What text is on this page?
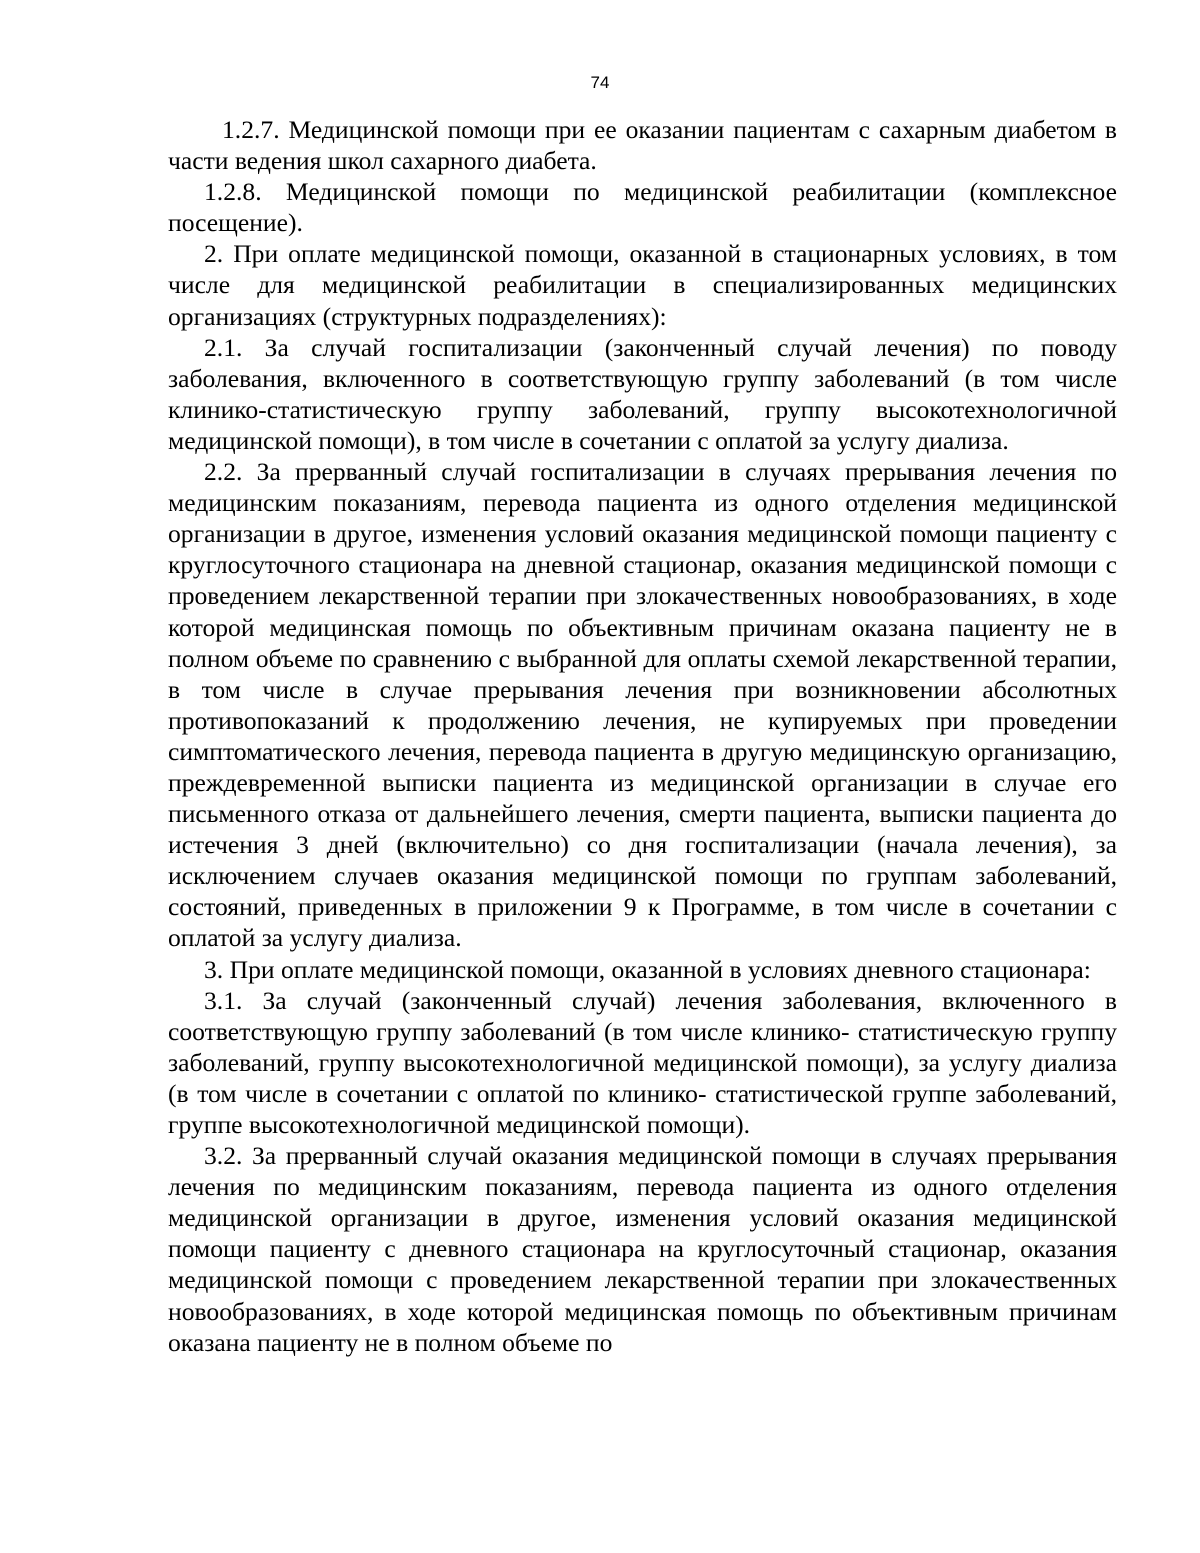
74

1.2.7. Медицинской помощи при ее оказании пациентам с сахарным диабетом в части ведения школ сахарного диабета.

1.2.8. Медицинской помощи по медицинской реабилитации (комплексное посещение).

2. При оплате медицинской помощи, оказанной в стационарных условиях, в том числе для медицинской реабилитации в специализированных медицинских организациях (структурных подразделениях):

2.1. За случай госпитализации (законченный случай лечения) по поводу заболевания, включенного в соответствующую группу заболеваний (в том числе клинико-статистическую группу заболеваний, группу высокотехнологичной медицинской помощи), в том числе в сочетании с оплатой за услугу диализа.

2.2. За прерванный случай госпитализации в случаях прерывания лечения по медицинским показаниям, перевода пациента из одного отделения медицинской организации в другое, изменения условий оказания медицинской помощи пациенту с круглосуточного стационара на дневной стационар, оказания медицинской помощи с проведением лекарственной терапии при злокачественных новообразованиях, в ходе которой медицинская помощь по объективным причинам оказана пациенту не в полном объеме по сравнению с выбранной для оплаты схемой лекарственной терапии, в том числе в случае прерывания лечения при возникновении абсолютных противопоказаний к продолжению лечения, не купируемых при проведении симптоматического лечения, перевода пациента в другую медицинскую организацию, преждевременной выписки пациента из медицинской организации в случае его письменного отказа от дальнейшего лечения, смерти пациента, выписки пациента до истечения 3 дней (включительно) со дня госпитализации (начала лечения), за исключением случаев оказания медицинской помощи по группам заболеваний, состояний, приведенных в приложении 9 к Программе, в том числе в сочетании с оплатой за услугу диализа.

3. При оплате медицинской помощи, оказанной в условиях дневного стационара:

3.1. За случай (законченный случай) лечения заболевания, включенного в соответствующую группу заболеваний (в том числе клинико- статистическую группу заболеваний, группу высокотехнологичной медицинской помощи), за услугу диализа (в том числе в сочетании с оплатой по клинико- статистической группе заболеваний, группе высокотехнологичной медицинской помощи).

3.2. За прерванный случай оказания медицинской помощи в случаях прерывания лечения по медицинским показаниям, перевода пациента из одного отделения медицинской организации в другое, изменения условий оказания медицинской помощи пациенту с дневного стационара на круглосуточный стационар, оказания медицинской помощи с проведением лекарственной терапии при злокачественных новообразованиях, в ходе которой медицинская помощь по объективным причинам оказана пациенту не в полном объеме по
